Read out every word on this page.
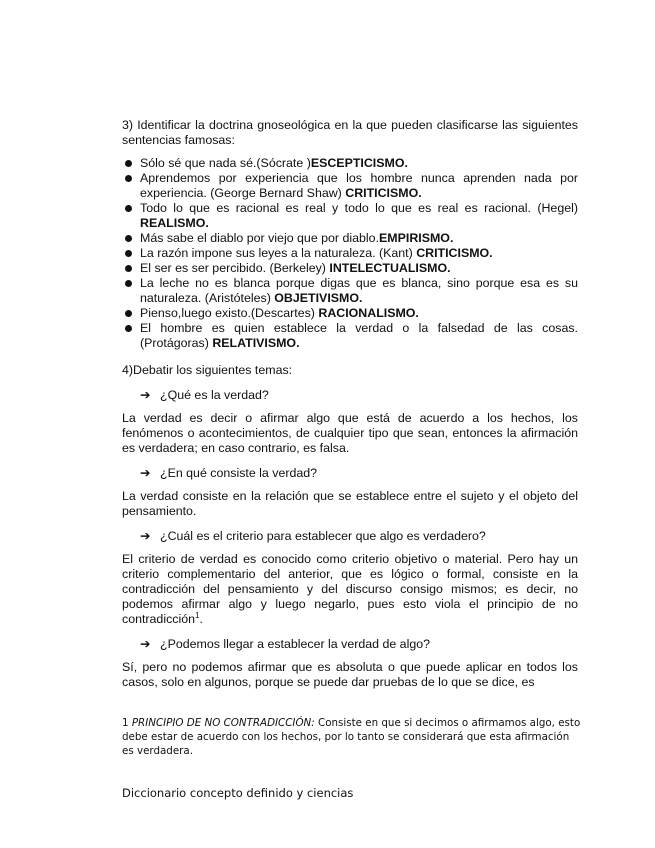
3) Identificar la doctrina gnoseológica en la que pueden clasificarse las siguientes sentencias famosas:

Sólo sé que nada sé.(Sócrate )ESCEPTICISMO.
Aprendemos por experiencia que los hombre nunca aprenden nada por experiencia. (George Bernard Shaw) CRITICISMO.
Todo lo que es racional es real y todo lo que es real es racional. (Hegel) REALISMO.
Más sabe el diablo por viejo que por diablo.EMPIRISMO.
La razón impone sus leyes a la naturaleza. (Kant) CRITICISMO.
El ser es ser percibido. (Berkeley) INTELECTUALISMO.
La leche no es blanca porque digas que es blanca, sino porque esa es su naturaleza. (Aristóteles) OBJETIVISMO.
Pienso,luego existo.(Descartes) RACIONALISMO.
El hombre es quien establece la verdad o la falsedad de las cosas. (Protágoras) RELATIVISMO.

4)Debatir los siguientes temas:

➔ ¿Qué es la verdad?

La verdad es decir o afirmar algo que está de acuerdo a los hechos, los fenómenos o acontecimientos, de cualquier tipo que sean, entonces la afirmación es verdadera; en caso contrario, es falsa.

➔ ¿En qué consiste la verdad?

La verdad consiste en la relación que se establece entre el sujeto y el objeto del pensamiento.

➔ ¿Cuál es el criterio para establecer que algo es verdadero?

El criterio de verdad es conocido como criterio objetivo o material. Pero hay un criterio complementario del anterior, que es lógico o formal, consiste en la contradicción del pensamiento y del discurso consigo mismos; es decir, no podemos afirmar algo y luego negarlo, pues esto viola el principio de no contradicción$^1$.

➔ ¿Podemos llegar a establecer la verdad de algo?

Sí, pero no podemos afirmar que es absoluta o que puede aplicar en todos los casos, solo en algunos, porque se puede dar pruebas de lo que se dice, es

1 PRINCIPIO DE NO CONTRADICCIÓN: Consiste en que si decimos o afirmamos algo, esto debe estar de acuerdo con los hechos, por lo tanto se considerará que esta afirmación es verdadera.
Diccionario concepto definido y ciencias
